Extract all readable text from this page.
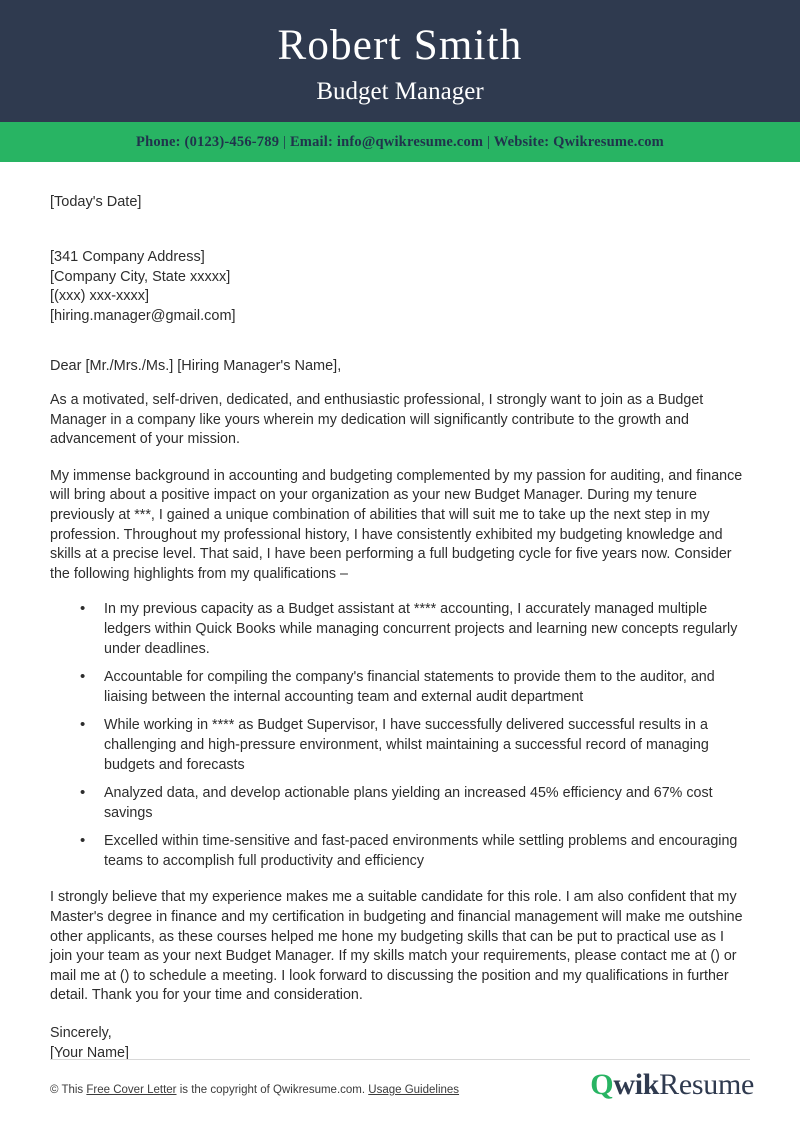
Robert Smith
Budget Manager
Phone: (0123)-456-789 | Email: info@qwikresume.com | Website: Qwikresume.com
[Today's Date]
[341 Company Address]
[Company City, State xxxxx]
[(xxx) xxx-xxxx]
[hiring.manager@gmail.com]
Dear [Mr./Mrs./Ms.] [Hiring Manager's Name],

As a motivated, self-driven, dedicated, and enthusiastic professional, I strongly want to join as a Budget Manager in a company like yours wherein my dedication will significantly contribute to the growth and advancement of your mission.

My immense background in accounting and budgeting complemented by my passion for auditing, and finance will bring about a positive impact on your organization as your new Budget Manager. During my tenure previously at ***, I gained a unique combination of abilities that will suit me to take up the next step in my profession. Throughout my professional history, I have consistently exhibited my budgeting knowledge and skills at a precise level. That said, I have been performing a full budgeting cycle for five years now. Consider the following highlights from my qualifications –

• In my previous capacity as a Budget assistant at **** accounting, I accurately managed multiple ledgers within Quick Books while managing concurrent projects and learning new concepts regularly under deadlines.
• Accountable for compiling the company's financial statements to provide them to the auditor, and liaising between the internal accounting team and external audit department
• While working in **** as Budget Supervisor, I have successfully delivered successful results in a challenging and high-pressure environment, whilst maintaining a successful record of managing budgets and forecasts
• Analyzed data, and develop actionable plans yielding an increased 45% efficiency and 67% cost savings
• Excelled within time-sensitive and fast-paced environments while settling problems and encouraging teams to accomplish full productivity and efficiency

I strongly believe that my experience makes me a suitable candidate for this role. I am also confident that my Master's degree in finance and my certification in budgeting and financial management will make me outshine other applicants, as these courses helped me hone my budgeting skills that can be put to practical use as I join your team as your next Budget Manager. If my skills match your requirements, please contact me at () or mail me at () to schedule a meeting. I look forward to discussing the position and my qualifications in further detail. Thank you for your time and consideration.

Sincerely,
[Your Name]
© This Free Cover Letter is the copyright of Qwikresume.com. Usage Guidelines	Q wik Resume
